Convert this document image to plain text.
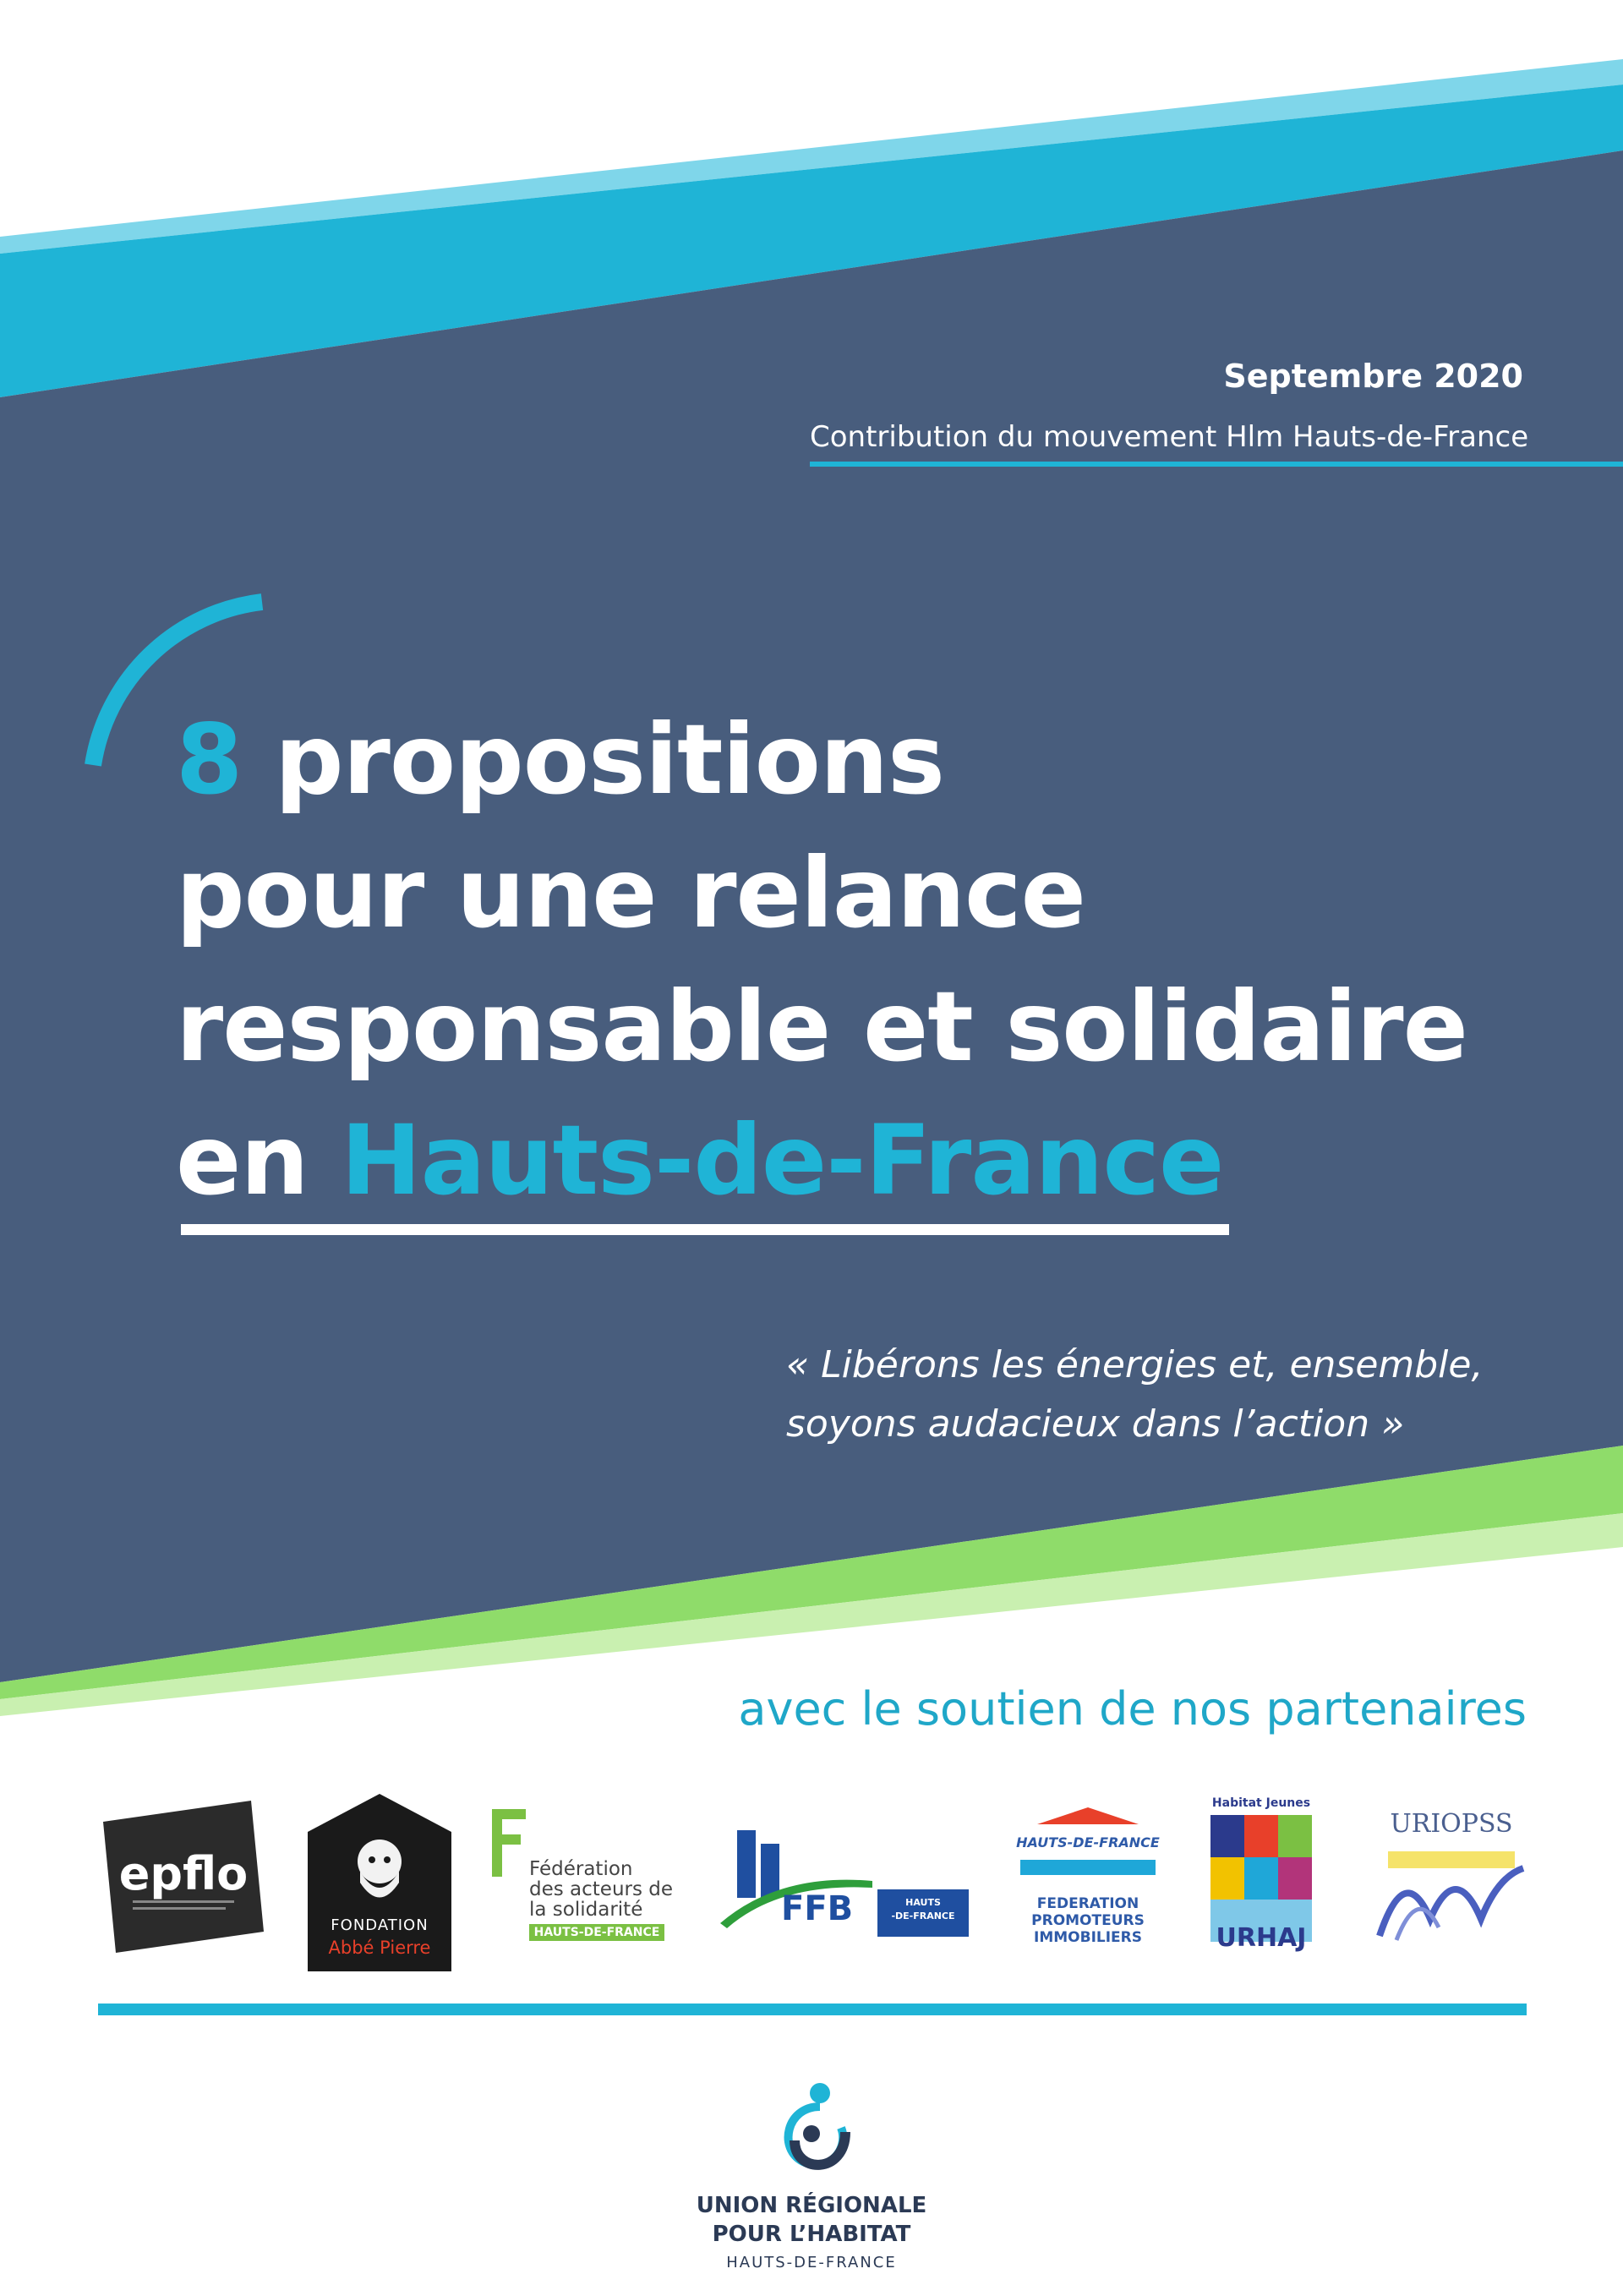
Septembre 2020
Contribution du mouvement Hlm Hauts-de-France
8 propositions
pour une relance
responsable et solidaire
en Hauts-de-France
« Libérons les énergies et, ensemble,
soyons audacieux dans l’action »
avec le soutien de nos partenaires
epflo
FONDATION
Abbé Pierre
Fédération
des acteurs de
la solidarité
HAUTS-DE-FRANCE
FFB	HAUTS
-DE-FRANCE
HAUTS-DE-FRANCE
FEDERATION
PROMOTEURS
IMMOBILIERS
Habitat Jeunes
URHAJ
URIOPSS
UNION RÉGIONALE
POUR L’HABITAT
HAUTS-DE-FRANCE
